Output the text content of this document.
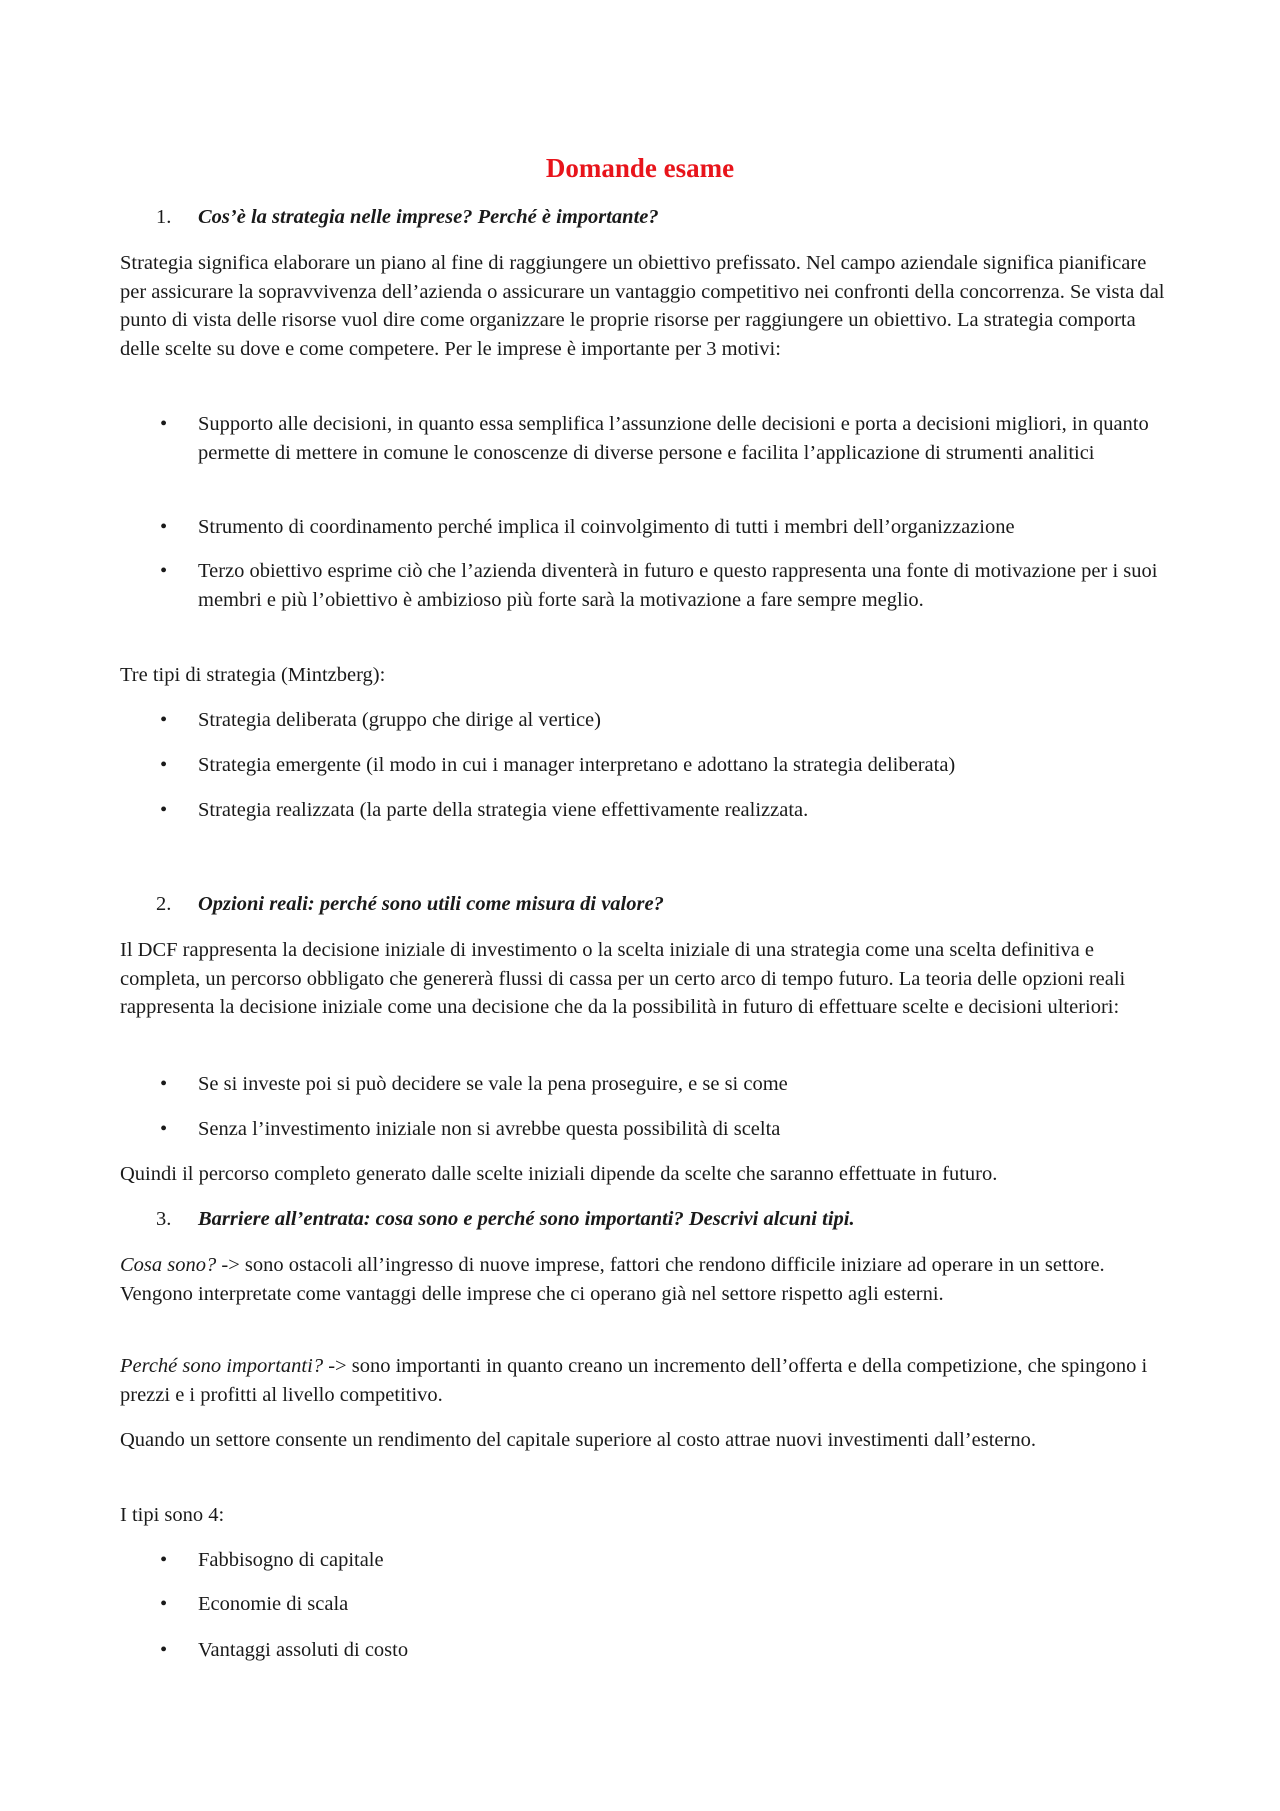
Domande esame
1. Cos’è la strategia nelle imprese? Perché è importante?

Strategia significa elaborare un piano al fine di raggiungere un obiettivo prefissato. Nel campo aziendale significa pianificare per assicurare la sopravvivenza dell’azienda o assicurare un vantaggio competitivo nei confronti della concorrenza. Se vista dal punto di vista delle risorse vuol dire come organizzare le proprie risorse per raggiungere un obiettivo. La strategia comporta delle scelte su dove e come competere. Per le imprese è importante per 3 motivi:

• Supporto alle decisioni, in quanto essa semplifica l’assunzione delle decisioni e porta a decisioni migliori, in quanto permette di mettere in comune le conoscenze di diverse persone e facilita l’applicazione di strumenti analitici
• Strumento di coordinamento perché implica il coinvolgimento di tutti i membri dell’organizzazione
• Terzo obiettivo esprime ciò che l’azienda diventerà in futuro e questo rappresenta una fonte di motivazione per i suoi membri e più l’obiettivo è ambizioso più forte sarà la motivazione a fare sempre meglio.

Tre tipi di strategia (Mintzberg):

• Strategia deliberata (gruppo che dirige al vertice)
• Strategia emergente (il modo in cui i manager interpretano e adottano la strategia deliberata)
• Strategia realizzata (la parte della strategia viene effettivamente realizzata.
2. Opzioni reali: perché sono utili come misura di valore?

Il DCF rappresenta la decisione iniziale di investimento o la scelta iniziale di una strategia come una scelta definitiva e completa, un percorso obbligato che genererà flussi di cassa per un certo arco di tempo futuro. La teoria delle opzioni reali rappresenta la decisione iniziale come una decisione che da la possibilità in futuro di effettuare scelte e decisioni ulteriori:

• Se si investe poi si può decidere se vale la pena proseguire, e se si come
• Senza l’investimento iniziale non si avrebbe questa possibilità di scelta

Quindi il percorso completo generato dalle scelte iniziali dipende da scelte che saranno effettuate in futuro.

3. Barriere all’entrata: cosa sono e perché sono importanti? Descrivi alcuni tipi.

Cosa sono? -> sono ostacoli all’ingresso di nuove imprese, fattori che rendono difficile iniziare ad operare in un settore. Vengono interpretate come vantaggi delle imprese che ci operano già nel settore rispetto agli esterni.

Perché sono importanti? -> sono importanti in quanto creano un incremento dell’offerta e della competizione, che spingono i prezzi e i profitti al livello competitivo.

Quando un settore consente un rendimento del capitale superiore al costo attrae nuovi investimenti dall’esterno.

I tipi sono 4:

• Fabbisogno di capitale
• Economie di scala
• Vantaggi assoluti di costo
